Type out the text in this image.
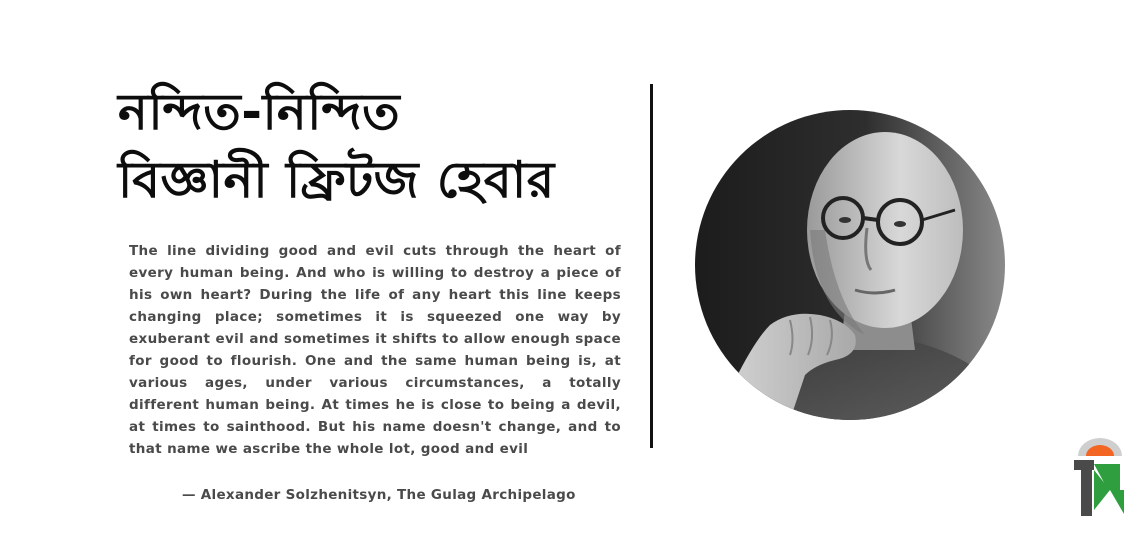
নন্দিত-নিন্দিত
বিজ্ঞানী ফ্রিটজ হেবার

The line dividing good and evil cuts through the heart of every human being. And who is willing to destroy a piece of his own heart? During the life of any heart this line keeps changing place; sometimes it is squeezed one way by exuberant evil and sometimes it shifts to allow enough space for good to flourish. One and the same human being is, at various ages, under various circumstances, a totally different human being. At times he is close to being a devil, at times to sainthood. But his name doesn't change, and to that name we ascribe the whole lot, good and evil

— Alexander Solzhenitsyn, The Gulag Archipelago
